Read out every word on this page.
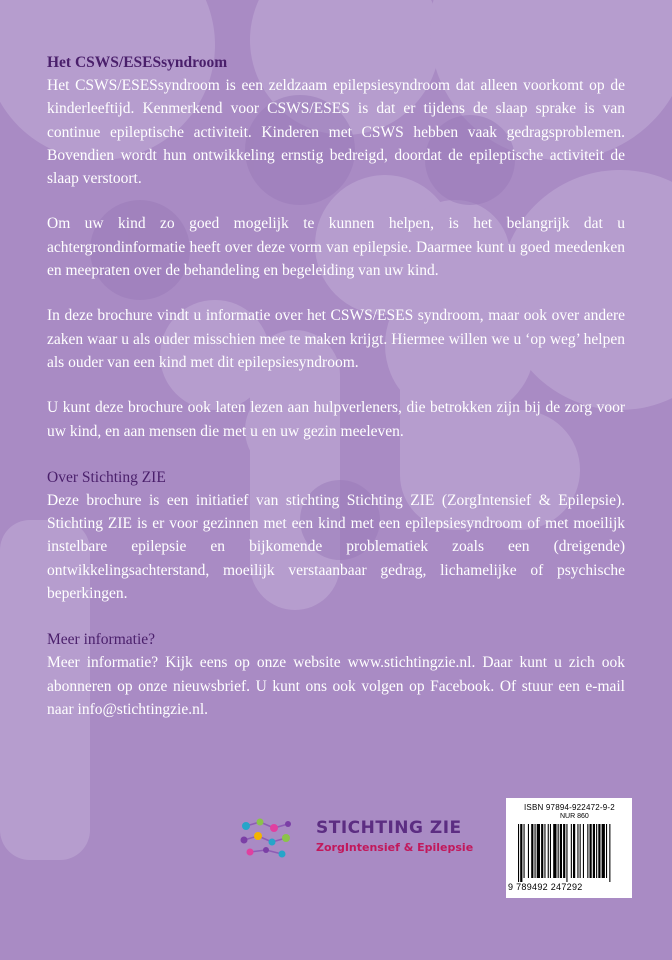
Het CSWS/ESESsyndroom

Het CSWS/ESESsyndroom is een zeldzaam epilepsiesyndroom dat alleen voorkomt op de kinderleeftijd. Kenmerkend voor CSWS/ESES is dat er tijdens de slaap sprake is van continue epileptische activiteit. Kinderen met CSWS hebben vaak gedragsproblemen. Bovendien wordt hun ontwikkeling ernstig bedreigd, doordat de epileptische activiteit de slaap verstoort.

Om uw kind zo goed mogelijk te kunnen helpen, is het belangrijk dat u achtergrondinformatie heeft over deze vorm van epilepsie. Daarmee kunt u goed meedenken en meepraten over de behandeling en begeleiding van uw kind.

In deze brochure vindt u informatie over het CSWS/ESES syndroom, maar ook over andere zaken waar u als ouder misschien mee te maken krijgt. Hiermee willen we u ‘op weg’ helpen als ouder van een kind met dit epilepsiesyndroom.

U kunt deze brochure ook laten lezen aan hulpverleners, die betrokken zijn bij de zorg voor uw kind, en aan mensen die met u en uw gezin meeleven.

Over Stichting ZIE

Deze brochure is een initiatief van stichting Stichting ZIE (ZorgIntensief & Epilepsie). Stichting ZIE is er voor gezinnen met een kind met een epilepsiesyndroom of met moeilijk instelbare epilepsie en bijkomende problematiek zoals een (dreigende) ontwikkelingsachterstand, moeilijk verstaanbaar gedrag, lichamelijke of psychische beperkingen.

Meer informatie?

Meer informatie? Kijk eens op onze website www.stichtingzie.nl. Daar kunt u zich ook abonneren op onze nieuwsbrief. U kunt ons ook volgen op Facebook. Of stuur een e-mail naar info@stichtingzie.nl.

STICHTING ZIE
ZorgIntensief & Epilepsie
ISBN 97894-922472-9-2
NUR 860
9 789492 247292
